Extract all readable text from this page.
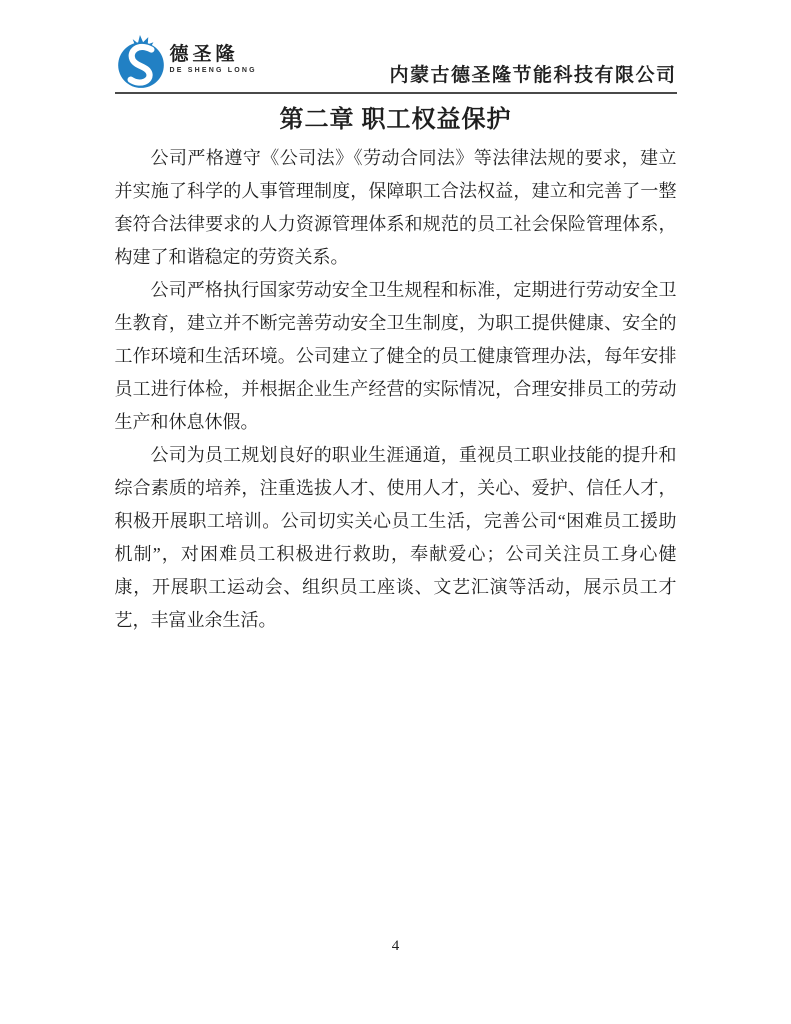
德圣隆
DE SHENG LONG	内蒙古德圣隆节能科技有限公司
第二章 职工权益保护

公司严格遵守《公司法》《劳动合同法》等法律法规的要求，建立并实施了科学的人事管理制度，保障职工合法权益，建立和完善了一整套符合法律要求的人力资源管理体系和规范的员工社会保险管理体系，构建了和谐稳定的劳资关系。

公司严格执行国家劳动安全卫生规程和标准，定期进行劳动安全卫生教育，建立并不断完善劳动安全卫生制度，为职工提供健康、安全的工作环境和生活环境。公司建立了健全的员工健康管理办法，每年安排员工进行体检，并根据企业生产经营的实际情况，合理安排员工的劳动生产和休息休假。

公司为员工规划良好的职业生涯通道，重视员工职业技能的提升和综合素质的培养，注重选拔人才、使用人才，关心、爱护、信任人才，积极开展职工培训。公司切实关心员工生活，完善公司“困难员工援助机制”，对困难员工积极进行救助，奉献爱心；公司关注员工身心健康，开展职工运动会、组织员工座谈、文艺汇演等活动，展示员工才艺，丰富业余生活。

4
